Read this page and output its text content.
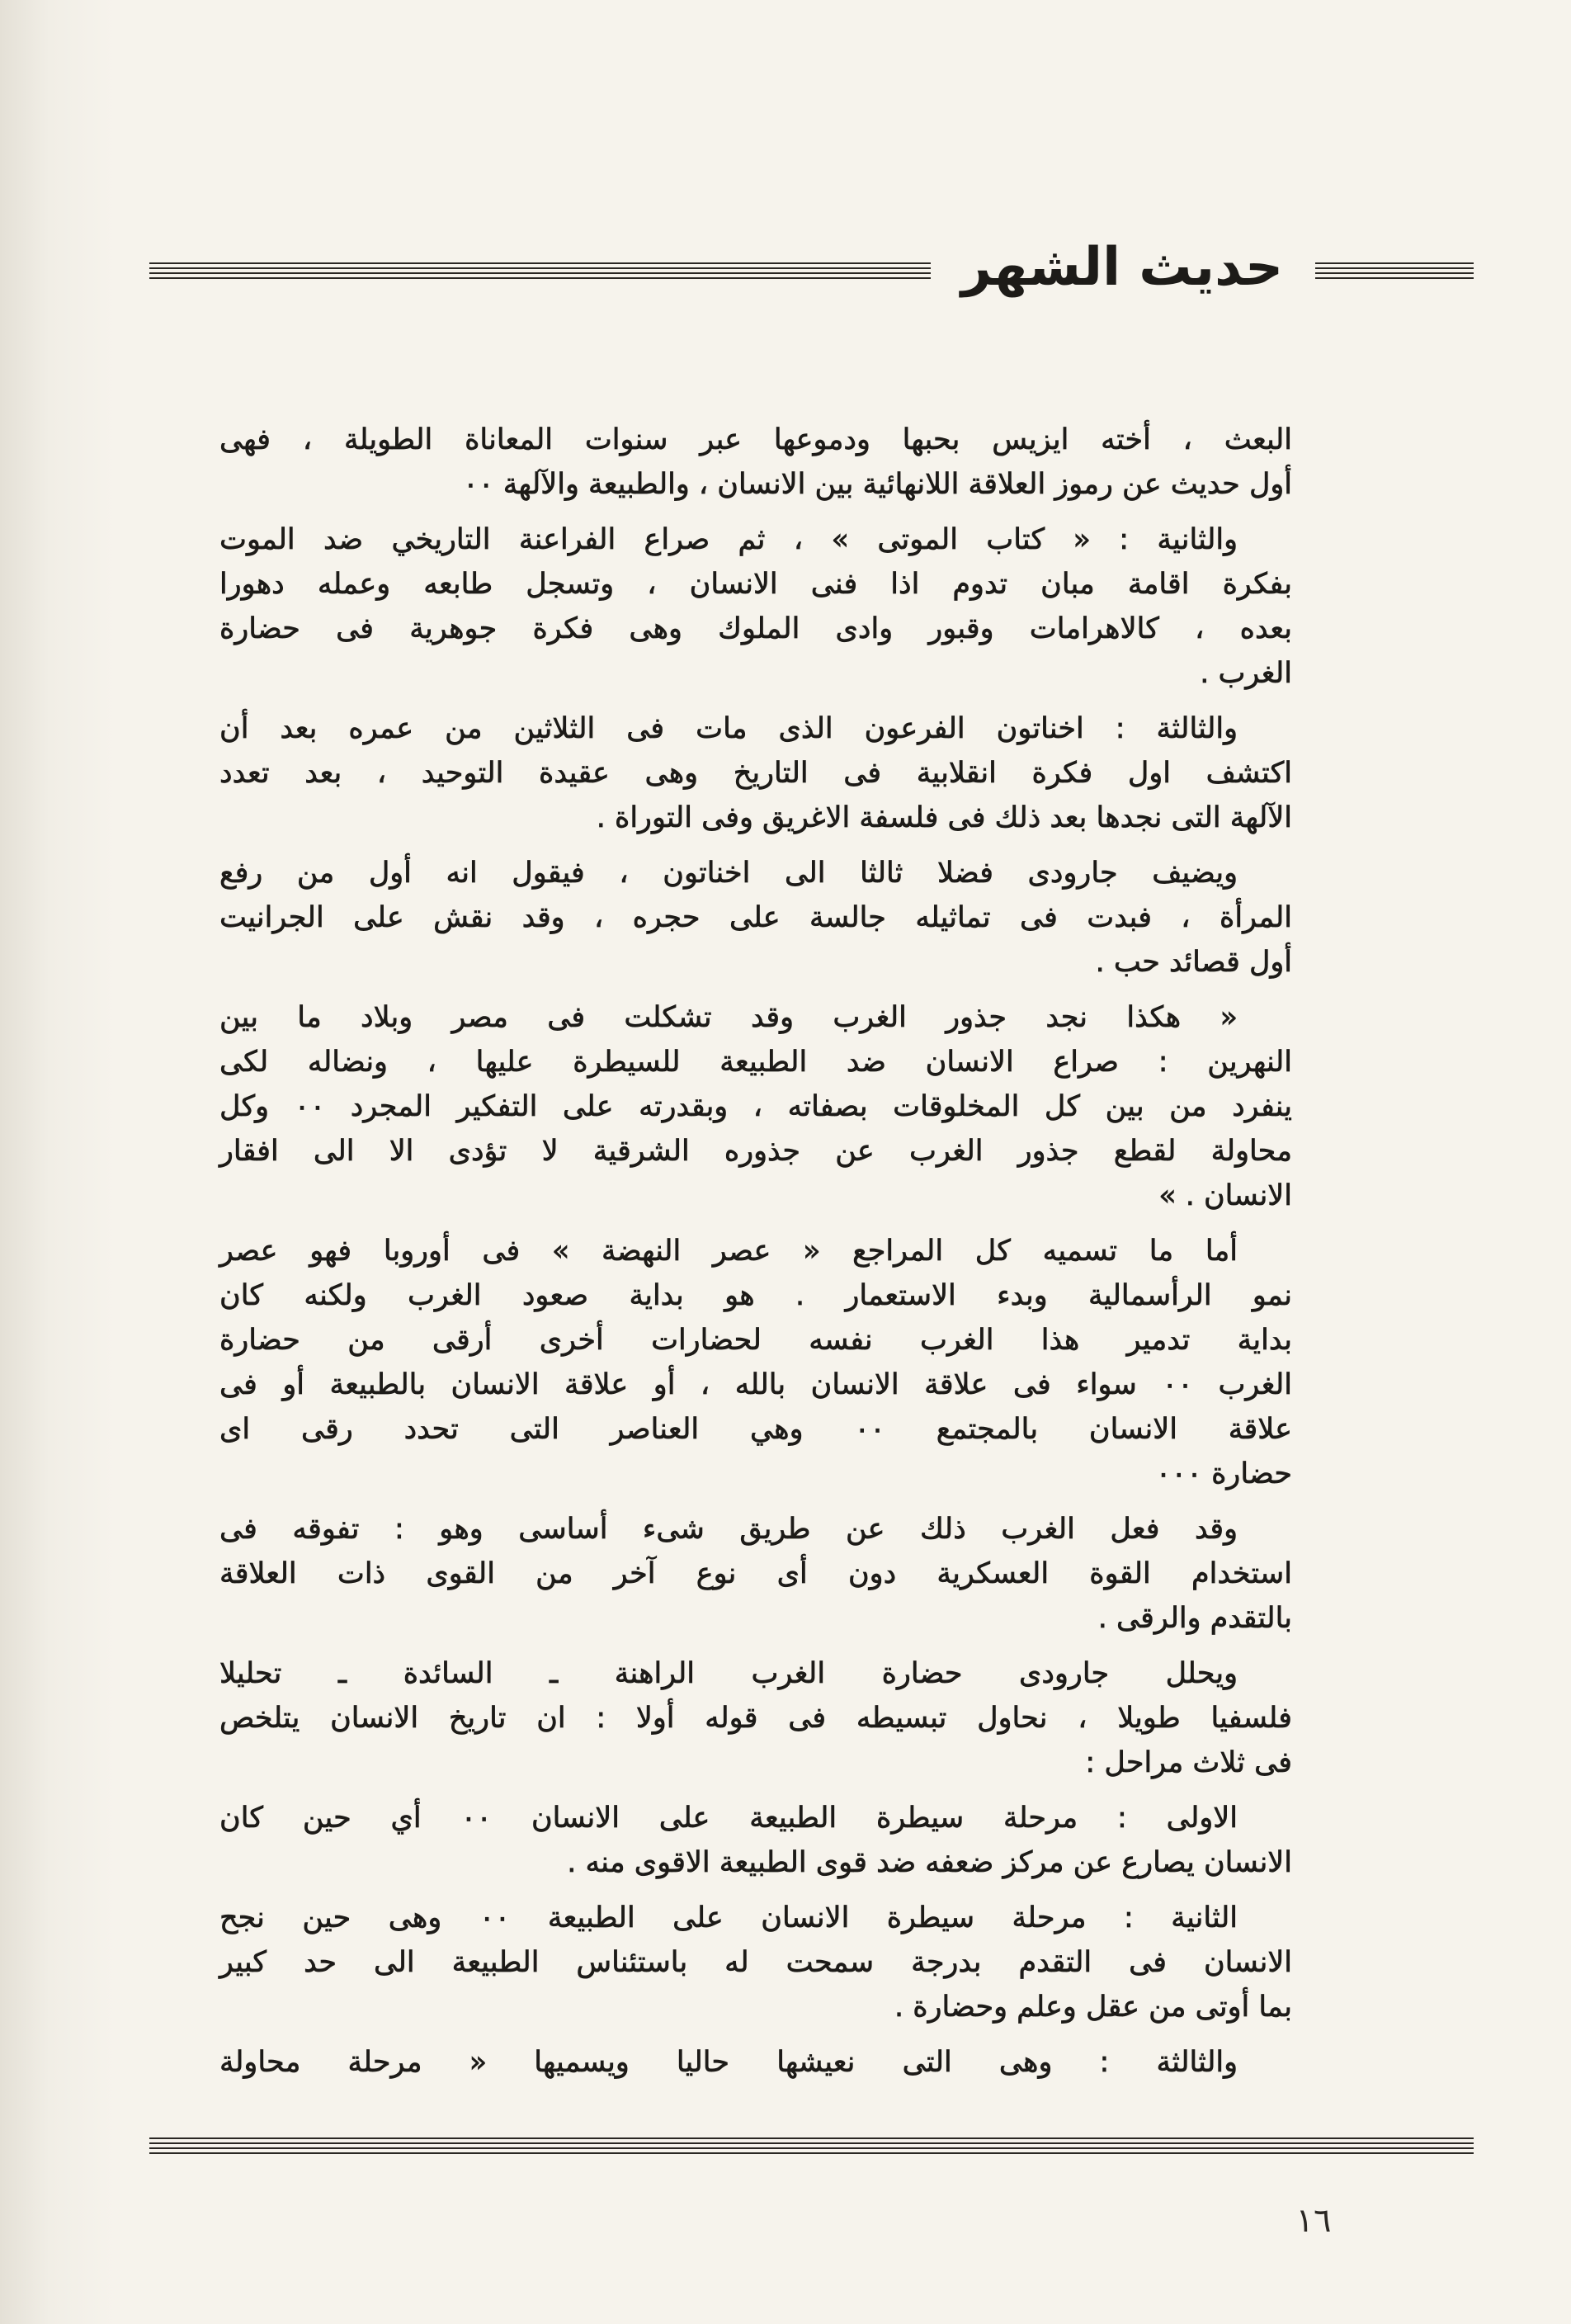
حديث الشهر
البعث ، أخته ايزيس بحبها ودموعها عبر سنوات المعاناة الطويلة ، فهى
أول حديث عن رموز العلاقة اللانهائية بين الانسان ، والطبيعة والآلهة ٠٠
والثانية : « كتاب الموتى » ، ثم صراع الفراعنة التاريخي ضد الموت
بفكرة اقامة مبان تدوم اذا فنى الانسان ، وتسجل طابعه وعمله دهورا
بعده ، كالاهرامات وقبور وادى الملوك وهى فكرة جوهرية فى حضارة
الغرب .
والثالثة : اخناتون الفرعون الذى مات فى الثلاثين من عمره بعد أن
اكتشف اول فكرة انقلابية فى التاريخ وهى عقيدة التوحيد ، بعد تعدد
الآلهة التى نجدها بعد ذلك فى فلسفة الاغريق وفى التوراة .
ويضيف جارودى فضلا ثالثا الى اخناتون ، فيقول انه أول من رفع
المرأة ، فبدت فى تماثيله جالسة على حجره ، وقد نقش على الجرانيت
أول قصائد حب .
« هكذا نجد جذور الغرب وقد تشكلت فى مصر وبلاد ما بين
النهرين : صراع الانسان ضد الطبيعة للسيطرة عليها ، ونضاله لكى
ينفرد من بين كل المخلوقات بصفاته ، وبقدرته على التفكير المجرد ٠٠ وكل
محاولة لقطع جذور الغرب عن جذوره الشرقية لا تؤدى الا الى افقار
الانسان . »
أما ما تسميه كل المراجع « عصر النهضة » فى أوروبا فهو عصر
نمو الرأسمالية وبدء الاستعمار . هو بداية صعود الغرب ولكنه كان
بداية تدمير هذا الغرب نفسه لحضارات أخرى أرقى من حضارة
الغرب ٠٠ سواء فى علاقة الانسان بالله ، أو علاقة الانسان بالطبيعة أو فى
علاقة الانسان بالمجتمع ٠٠ وهي العناصر التى تحدد رقى اى
حضارة ٠٠٠
وقد فعل الغرب ذلك عن طريق شىء أساسى وهو : تفوقه فى
استخدام القوة العسكرية دون أى نوع آخر من القوى ذات العلاقة
بالتقدم والرقى .
ويحلل جارودى حضارة الغرب الراهنة ـ السائدة ـ تحليلا
فلسفيا طويلا ، نحاول تبسيطه فى قوله أولا : ان تاريخ الانسان يتلخص
فى ثلاث مراحل :
الاولى : مرحلة سيطرة الطبيعة على الانسان ٠٠ أي حين كان
الانسان يصارع عن مركز ضعفه ضد قوى الطبيعة الاقوى منه .
الثانية : مرحلة سيطرة الانسان على الطبيعة ٠٠ وهى حين نجح
الانسان فى التقدم بدرجة سمحت له باستئناس الطبيعة الى حد كبير
بما أوتى من عقل وعلم وحضارة .
والثالثة : وهى التى نعيشها حاليا ويسميها « مرحلة محاولة
١٦
